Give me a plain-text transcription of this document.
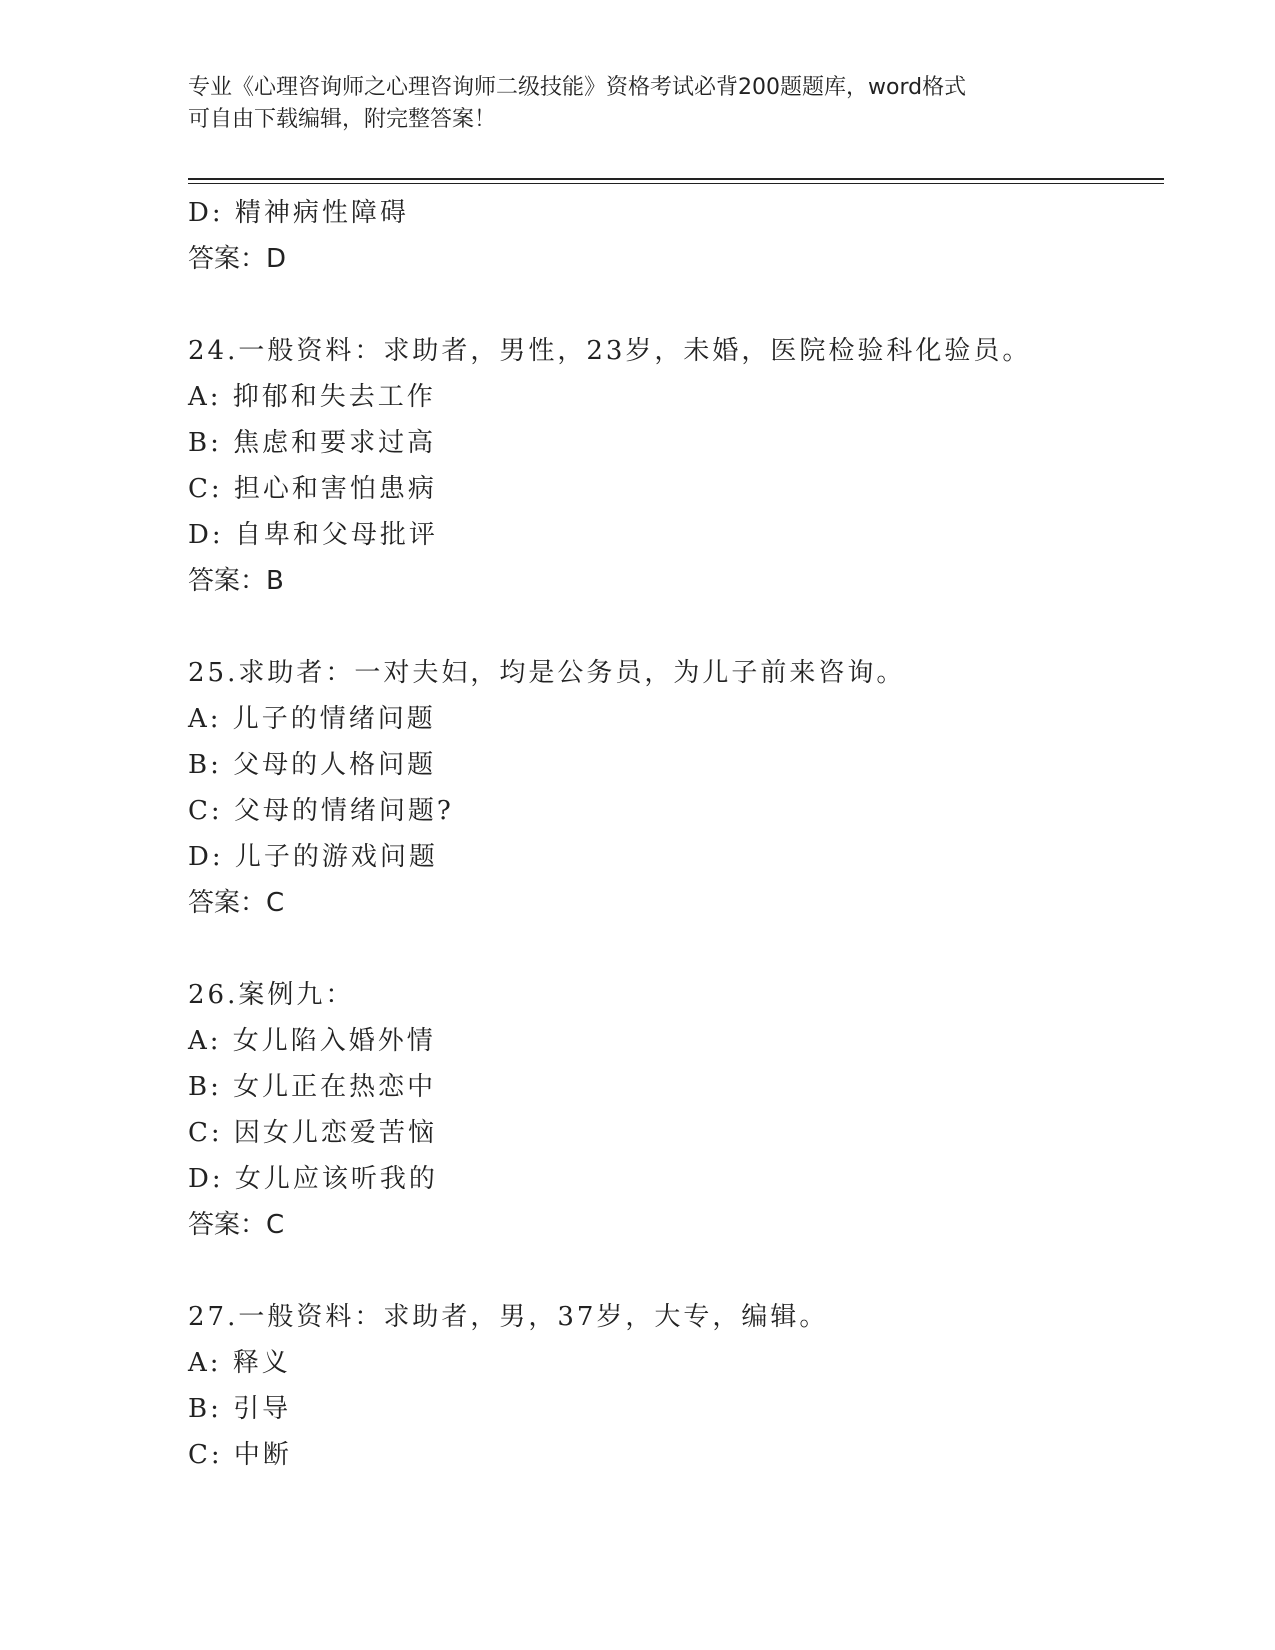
专业《心理咨询师之心理咨询师二级技能》资格考试必背200题题库，word格式
可自由下载编辑，附完整答案！
D: 精神病性障碍
答案：D
24.一般资料：求助者，男性，23岁，未婚，医院检验科化验员。
A: 抑郁和失去工作
B: 焦虑和要求过高
C: 担心和害怕患病
D: 自卑和父母批评
答案：B
25.求助者：一对夫妇，均是公务员，为儿子前来咨询。
A: 儿子的情绪问题
B: 父母的人格问题
C: 父母的情绪问题?
D: 儿子的游戏问题
答案：C
26.案例九：
A: 女儿陷入婚外情
B: 女儿正在热恋中
C: 因女儿恋爱苦恼
D: 女儿应该听我的
答案：C
27.一般资料：求助者，男，37岁，大专，编辑。
A: 释义
B: 引导
C: 中断
